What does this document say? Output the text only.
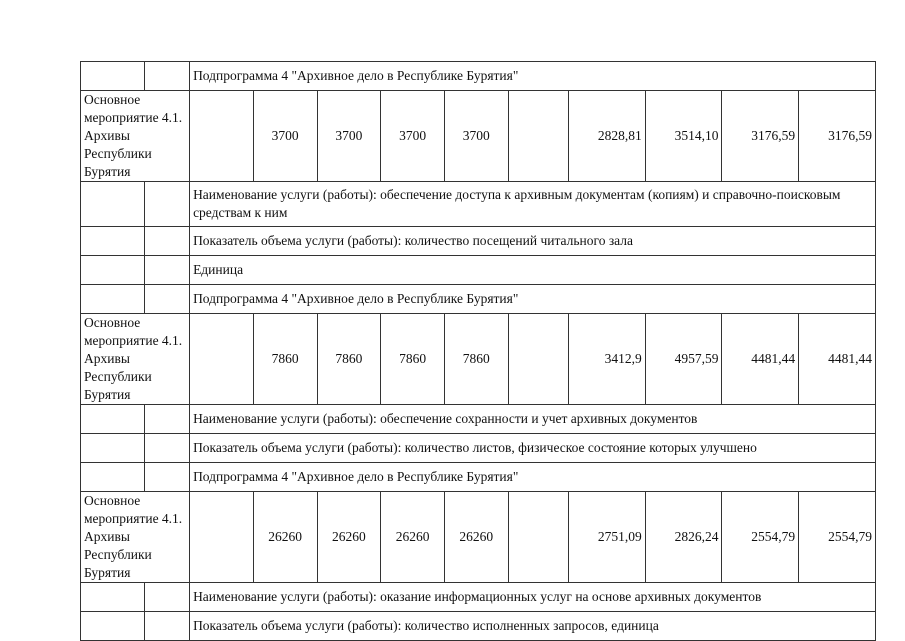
		Подпрограмма 4 "Архивное дело в Республике Бурятия"									
Основное мероприятие 4.1. Архивы Республики Бурятия			3700	3700	3700	3700		2828,81	3514,10	3176,59	3176,59
		Наименование услуги (работы): обеспечение доступа к архивным документам (копиям) и справочно-поисковым средствам к ним									
		Показатель объема услуги (работы): количество посещений читального зала									
		Единица									
		Подпрограмма 4 "Архивное дело в Республике Бурятия"									
Основное мероприятие 4.1. Архивы Республики Бурятия			7860	7860	7860	7860		3412,9	4957,59	4481,44	4481,44
		Наименование услуги (работы): обеспечение сохранности и учет архивных документов									
		Показатель объема услуги (работы): количество листов, физическое состояние которых улучшено									
		Подпрограмма 4 "Архивное дело в Республике Бурятия"									
Основное мероприятие 4.1. Архивы Республики Бурятия			26260	26260	26260	26260		2751,09	2826,24	2554,79	2554,79
		Наименование услуги (работы): оказание информационных услуг на основе архивных документов									
		Показатель объема услуги (работы): количество исполненных запросов, единица									
